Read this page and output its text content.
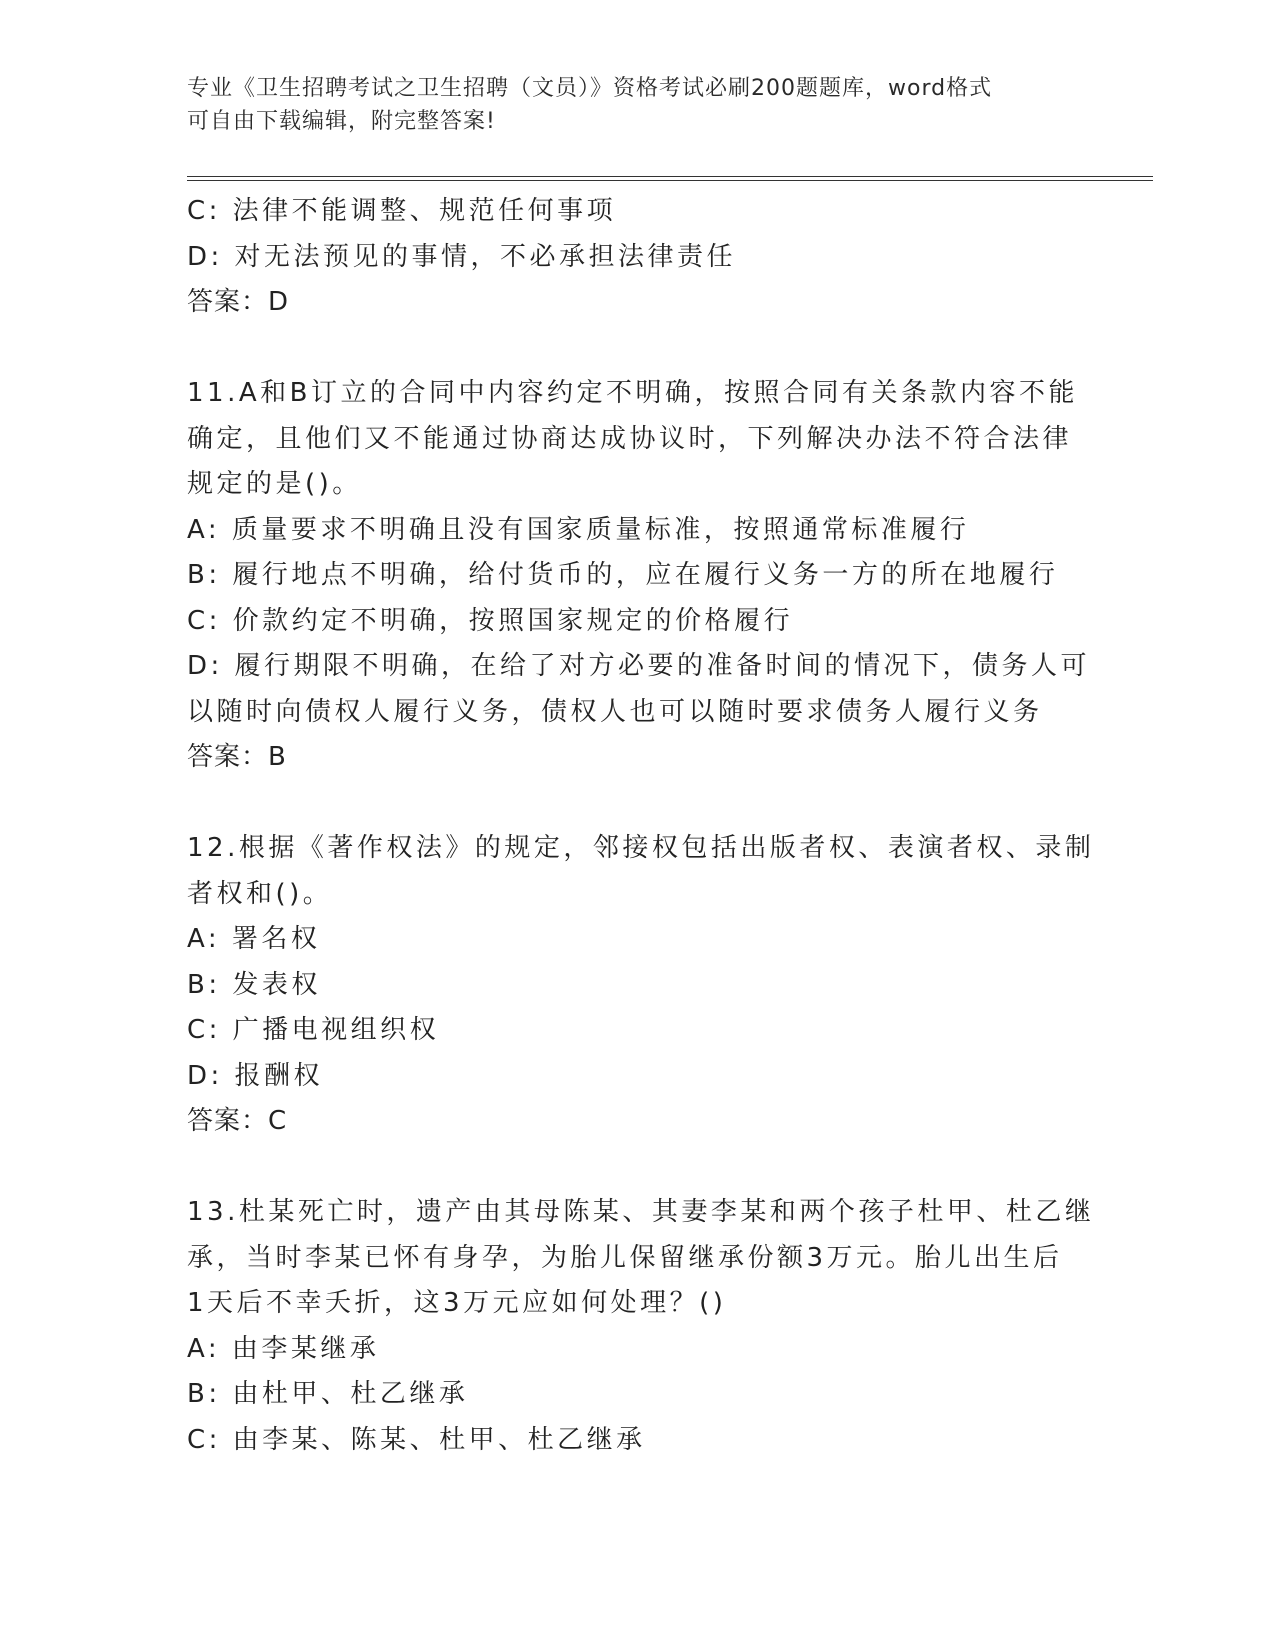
专业《卫生招聘考试之卫生招聘（文员）》资格考试必刷200题题库，word格式
可自由下载编辑，附完整答案!
C: 法律不能调整、规范任何事项
D: 对无法预见的事情，不必承担法律责任
答案：D
11.A和B订立的合同中内容约定不明确，按照合同有关条款内容不能
确定，且他们又不能通过协商达成协议时，下列解决办法不符合法律
规定的是()。
A: 质量要求不明确且没有国家质量标准，按照通常标准履行
B: 履行地点不明确，给付货币的，应在履行义务一方的所在地履行
C: 价款约定不明确，按照国家规定的价格履行
D: 履行期限不明确，在给了对方必要的准备时间的情况下，债务人可
以随时向债权人履行义务，债权人也可以随时要求债务人履行义务
答案：B
12.根据《著作权法》的规定，邻接权包括出版者权、表演者权、录制
者权和()。
A: 署名权
B: 发表权
C: 广播电视组织权
D: 报酬权
答案：C
13.杜某死亡时，遗产由其母陈某、其妻李某和两个孩子杜甲、杜乙继
承，当时李某已怀有身孕，为胎儿保留继承份额3万元。胎儿出生后
1天后不幸夭折，这3万元应如何处理？()
A: 由李某继承
B: 由杜甲、杜乙继承
C: 由李某、陈某、杜甲、杜乙继承
